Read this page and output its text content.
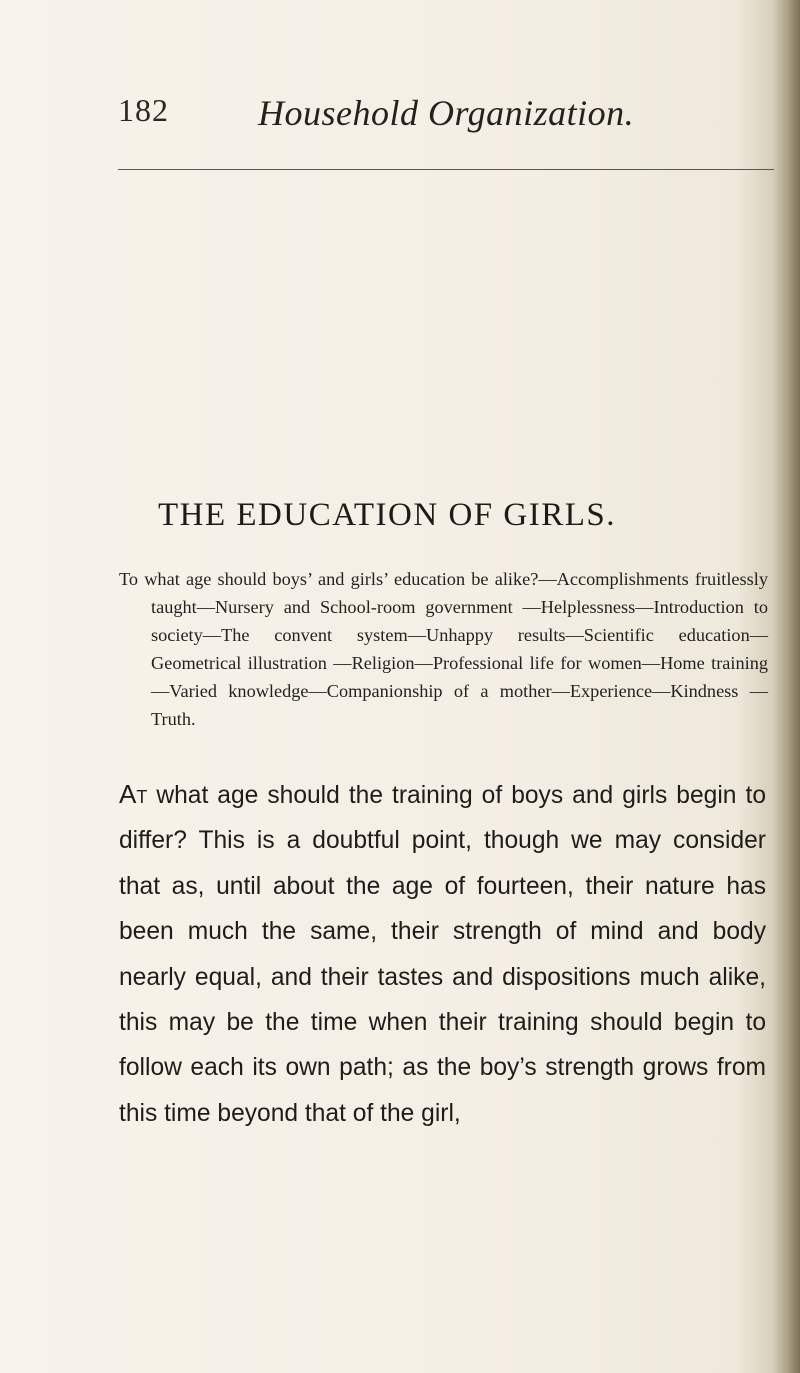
182 Household Organization.
THE EDUCATION OF GIRLS.

To what age should boys’ and girls’ education be alike?—Accomplishments fruitlessly taught—Nursery and School-room government —Helplessness—Introduction to society—The convent system—Unhappy results—Scientific education—Geometrical illustration —Religion—Professional life for women—Home training—Varied knowledge—Companionship of a mother—Experience—Kindness —Truth.

At what age should the training of boys and girls begin to differ? This is a doubtful point, though we may consider that as, until about the age of fourteen, their nature has been much the same, their strength of mind and body nearly equal, and their tastes and dispositions much alike, this may be the time when their training should begin to follow each its own path; as the boy’s strength grows from this time beyond that of the girl,
